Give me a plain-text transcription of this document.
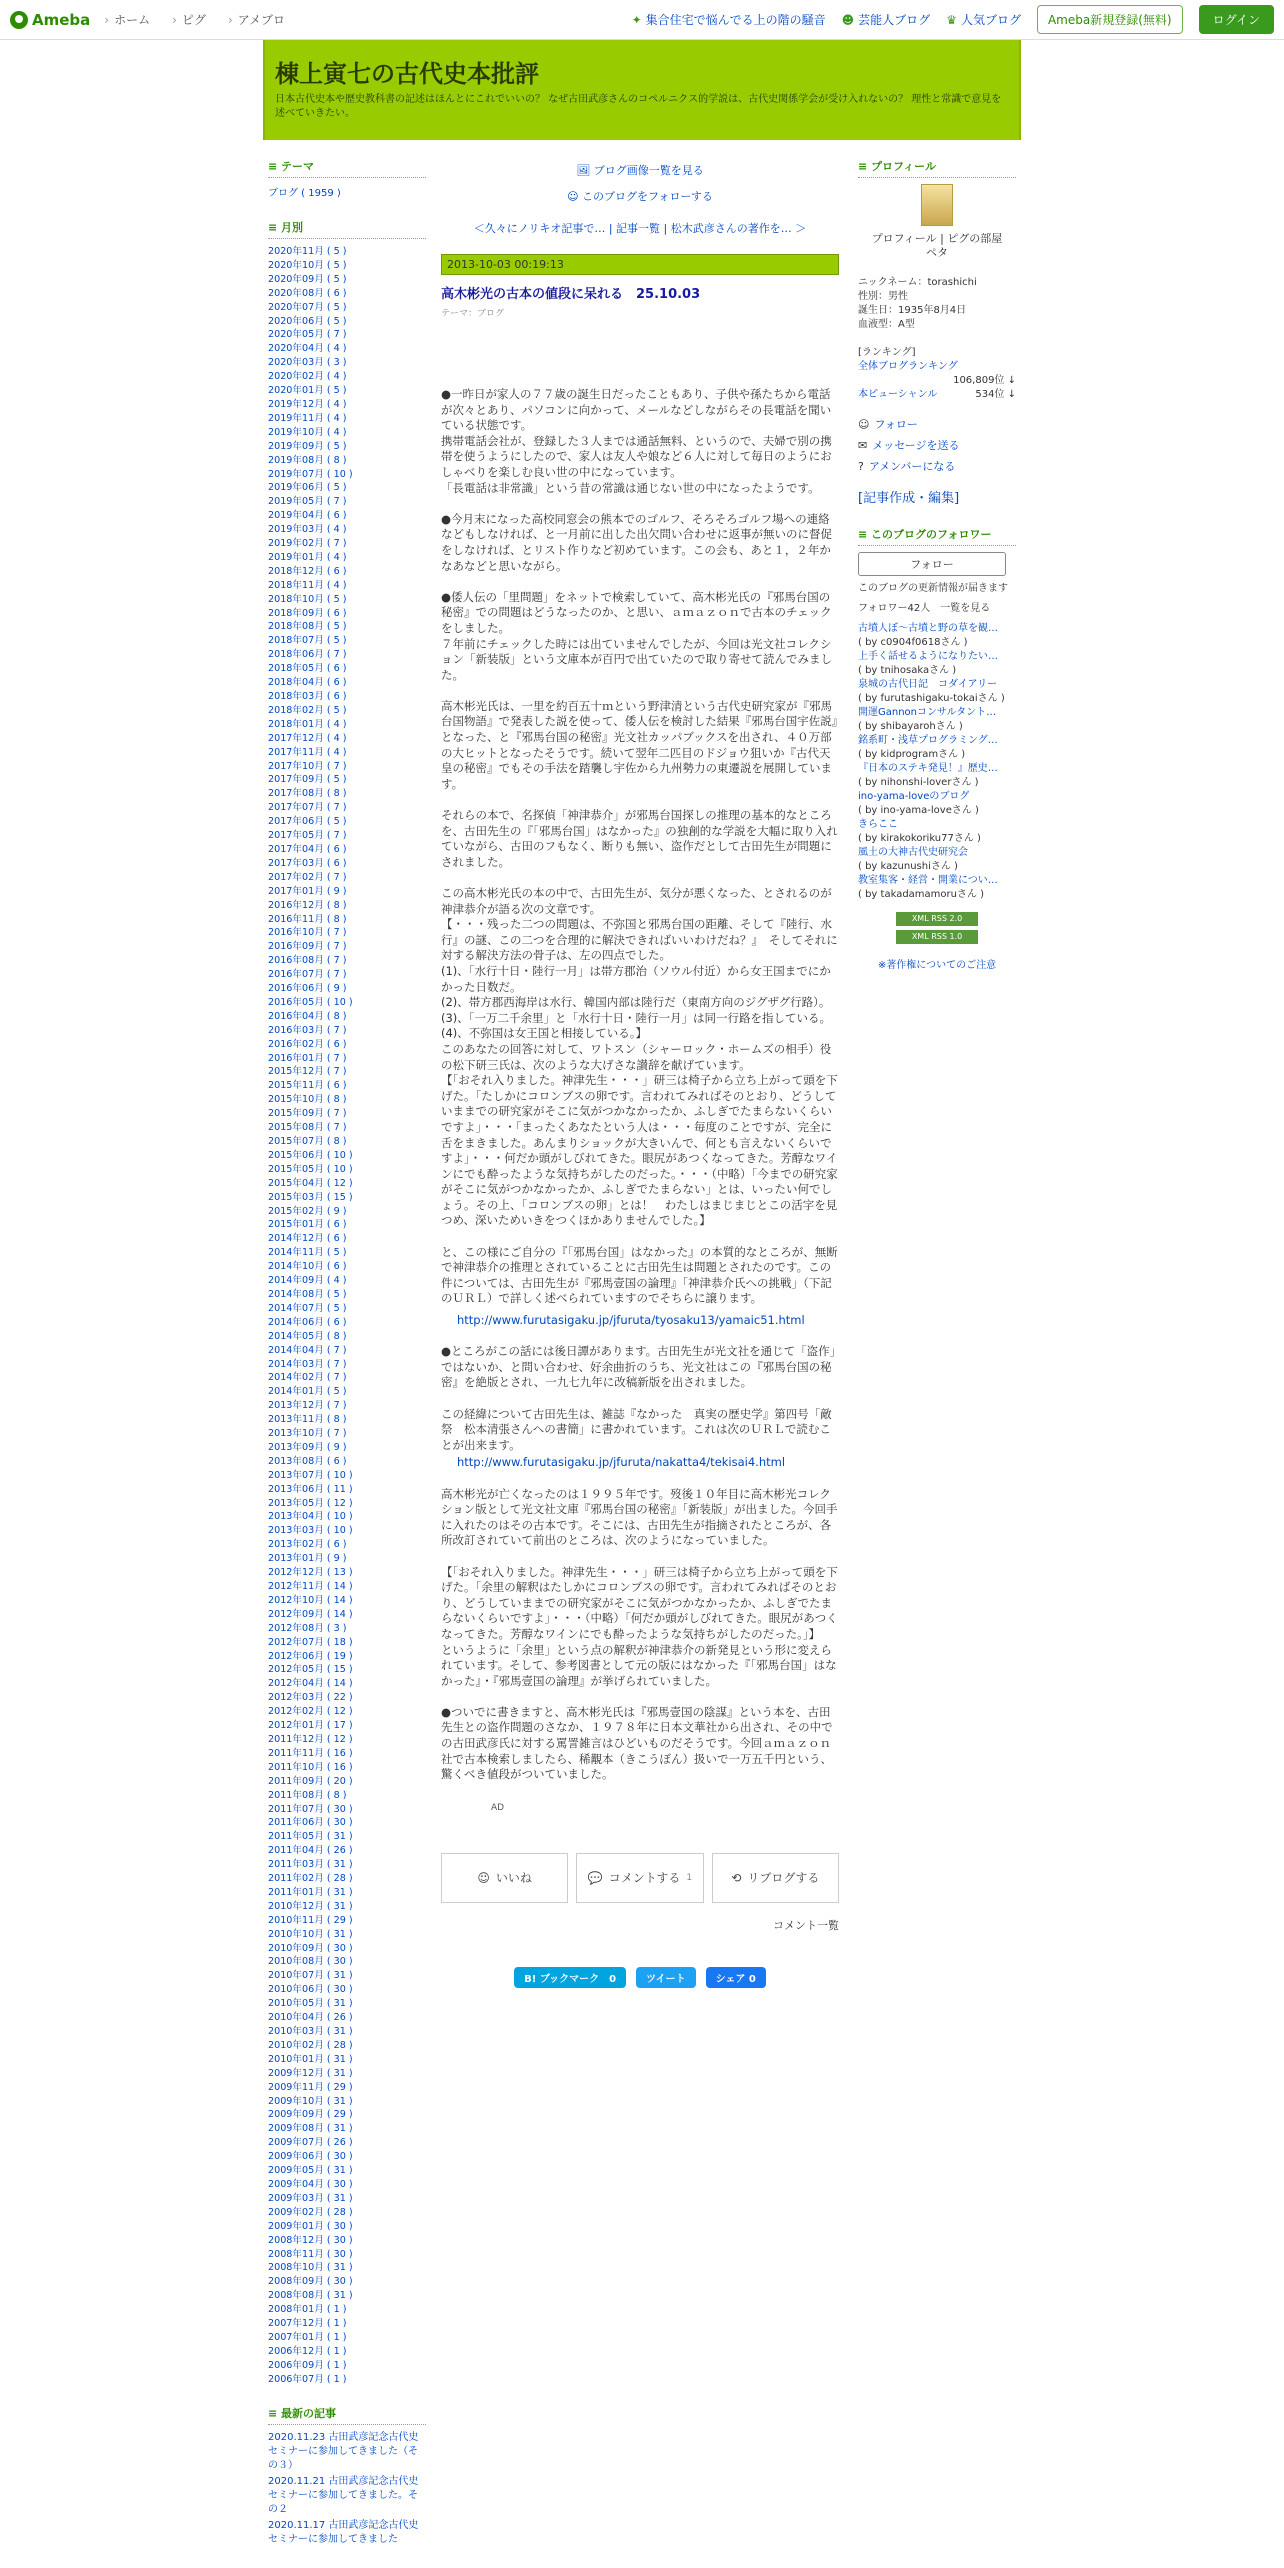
Ameba	› ホーム	› ピグ	› アメブロ	✦ 集合住宅で悩んでる上の階の騒音 ☻ 芸能人ブログ ♛ 人気ブログ	Ameba新規登録(無料)	ログイン
棟上寅七の古代史本批評
日本古代史本や歴史教科書の記述はほんとにこれでいいの？ なぜ古田武彦さんのコペルニクス的学説は、古代史関係学会が受け入れないの？ 理性と常識で意見を述べていきたい。
≡ テーマ
ブログ ( 1959 )
≡ 月別
2020年11月 ( 5 )
2020年10月 ( 5 )
2020年09月 ( 5 )
2020年08月 ( 6 )
2020年07月 ( 5 )
2020年06月 ( 5 )
2020年05月 ( 7 )
2020年04月 ( 4 )
2020年03月 ( 3 )
2020年02月 ( 4 )
2020年01月 ( 5 )
2019年12月 ( 4 )
2019年11月 ( 4 )
2019年10月 ( 4 )
2019年09月 ( 5 )
2019年08月 ( 8 )
2019年07月 ( 10 )
2019年06月 ( 5 )
2019年05月 ( 7 )
2019年04月 ( 6 )
2019年03月 ( 4 )
2019年02月 ( 7 )
2019年01月 ( 4 )
2018年12月 ( 6 )
2018年11月 ( 4 )
2018年10月 ( 5 )
2018年09月 ( 6 )
2018年08月 ( 5 )
2018年07月 ( 5 )
2018年06月 ( 7 )
2018年05月 ( 6 )
2018年04月 ( 6 )
2018年03月 ( 6 )
2018年02月 ( 5 )
2018年01月 ( 4 )
2017年12月 ( 4 )
2017年11月 ( 4 )
2017年10月 ( 7 )
2017年09月 ( 5 )
2017年08月 ( 8 )
2017年07月 ( 7 )
2017年06月 ( 5 )
2017年05月 ( 7 )
2017年04月 ( 6 )
2017年03月 ( 6 )
2017年02月 ( 7 )
2017年01月 ( 9 )
2016年12月 ( 8 )
2016年11月 ( 8 )
2016年10月 ( 7 )
2016年09月 ( 7 )
2016年08月 ( 7 )
2016年07月 ( 7 )
2016年06月 ( 9 )
2016年05月 ( 10 )
2016年04月 ( 8 )
2016年03月 ( 7 )
2016年02月 ( 6 )
2016年01月 ( 7 )
2015年12月 ( 7 )
2015年11月 ( 6 )
2015年10月 ( 8 )
2015年09月 ( 7 )
2015年08月 ( 7 )
2015年07月 ( 8 )
2015年06月 ( 10 )
2015年05月 ( 10 )
2015年04月 ( 12 )
2015年03月 ( 15 )
2015年02月 ( 9 )
2015年01月 ( 6 )
2014年12月 ( 6 )
2014年11月 ( 5 )
2014年10月 ( 6 )
2014年09月 ( 4 )
2014年08月 ( 5 )
2014年07月 ( 5 )
2014年06月 ( 6 )
2014年05月 ( 8 )
2014年04月 ( 7 )
2014年03月 ( 7 )
2014年02月 ( 7 )
2014年01月 ( 5 )
2013年12月 ( 7 )
2013年11月 ( 8 )
2013年10月 ( 7 )
2013年09月 ( 9 )
2013年08月 ( 6 )
2013年07月 ( 10 )
2013年06月 ( 11 )
2013年05月 ( 12 )
2013年04月 ( 10 )
2013年03月 ( 10 )
2013年02月 ( 6 )
2013年01月 ( 9 )
2012年12月 ( 13 )
2012年11月 ( 14 )
2012年10月 ( 14 )
2012年09月 ( 14 )
2012年08月 ( 3 )
2012年07月 ( 18 )
2012年06月 ( 19 )
2012年05月 ( 15 )
2012年04月 ( 14 )
2012年03月 ( 22 )
2012年02月 ( 12 )
2012年01月 ( 17 )
2011年12月 ( 12 )
2011年11月 ( 16 )
2011年10月 ( 16 )
2011年09月 ( 20 )
2011年08月 ( 8 )
2011年07月 ( 30 )
2011年06月 ( 30 )
2011年05月 ( 31 )
2011年04月 ( 26 )
2011年03月 ( 31 )
2011年02月 ( 28 )
2011年01月 ( 31 )
2010年12月 ( 31 )
2010年11月 ( 29 )
2010年10月 ( 31 )
2010年09月 ( 30 )
2010年08月 ( 30 )
2010年07月 ( 31 )
2010年06月 ( 30 )
2010年05月 ( 31 )
2010年04月 ( 26 )
2010年03月 ( 31 )
2010年02月 ( 28 )
2010年01月 ( 31 )
2009年12月 ( 31 )
2009年11月 ( 29 )
2009年10月 ( 31 )
2009年09月 ( 29 )
2009年08月 ( 31 )
2009年07月 ( 26 )
2009年06月 ( 30 )
2009年05月 ( 31 )
2009年04月 ( 30 )
2009年03月 ( 31 )
2009年02月 ( 28 )
2009年01月 ( 30 )
2008年12月 ( 30 )
2008年11月 ( 30 )
2008年10月 ( 31 )
2008年09月 ( 30 )
2008年08月 ( 31 )
2008年01月 ( 1 )
2007年12月 ( 1 )
2007年01月 ( 1 )
2006年12月 ( 1 )
2006年09月 ( 1 )
2006年07月 ( 1 )
≡ 最新の記事
2020.11.23 古田武彦記念古代史セミナーに参加してきました（その３）
2020.11.21 古田武彦記念古代史セミナーに参加してきました。その２
2020.11.17 古田武彦記念古代史セミナーに参加してきました
🖼 ブログ画像一覧を見る
☺ このブログをフォローする
＜久々にノリキオ記事で… | 記事一覧 | 松木武彦さんの著作を… ＞
2013-10-03 00:19:13
高木彬光の古本の値段に呆れる　25.10.03
テーマ：ブログ

●一昨日が家人の７７歳の誕生日だったこともあり、子供や孫たちから電話が次々とあり、パソコンに向かって、メールなどしながらその長電話を聞いている状態です。
携帯電話会社が、登録した３人までは通話無料、というので、夫婦で別の携帯を使うようにしたので、家人は友人や娘など６人に対して毎日のようにおしゃべりを楽しむ良い世の中になっています。
「長電話は非常識」という昔の常識は通じない世の中になったようです。

●今月末になった高校同窓会の熊本でのゴルフ、そろそろゴルフ場への連絡などもしなければ、と一月前に出した出欠問い合わせに返事が無いのに督促をしなければ、とリスト作りなど初めています。この会も、あと１，２年かなあなどと思いながら。

●倭人伝の「里問題」をネットで検索していて、高木彬光氏の『邪馬台国の秘密』での問題はどうなったのか、と思い、ａｍａｚｏｎで古本のチェックをしました。
７年前にチェックした時には出ていませんでしたが、今回は光文社コレクション「新装版」という文庫本が百円で出ていたので取り寄せて読んでみました。

高木彬光氏は、一里を約百五十ｍという野津清という古代史研究家が『邪馬台国物語』で発表した説を使って、倭人伝を検討した結果『邪馬台国宇佐説』となった、と『邪馬台国の秘密』光文社カッパブックスを出され、４０万部の大ヒットとなったそうです。続いて翌年二匹目のドジョウ狙いか『古代天皇の秘密』でもその手法を踏襲し宇佐から九州勢力の東遷説を展開しています。

それらの本で、名探偵「神津恭介」が邪馬台国探しの推理の基本的なところを、古田先生の『「邪馬台国」はなかった』の独創的な学説を大幅に取り入れていながら、古田のフもなく、断りも無い、盗作だとして古田先生が問題にされました。

この高木彬光氏の本の中で、古田先生が、気分が悪くなった、とされるのが神津恭介が語る次の文章です。
【・・・残った二つの問題は、不弥国と邪馬台国の距離、そして『陸行、水行』の謎、この二つを合理的に解決できればいいわけだね？』　そしてそれに対する解決方法の骨子は、左の四点でした。
(1)、「水行十日・陸行一月」は帯方郡治（ソウル付近）から女王国までにかかった日数だ。
(2)、帯方郡西海岸は水行、韓国内部は陸行だ（東南方向のジグザグ行路）。
(3)、「一万二千余里」と「水行十日・陸行一月」は同一行路を指している。
(4)、不弥国は女王国と相接している。】
このあなたの回答に対して、ワトスン（シャーロック・ホームズの相手）役の松下研三氏は、次のような大げさな讃辞を献げています。
【「おそれ入りました。神津先生・・・」研三は椅子から立ち上がって頭を下げた。「たしかにコロンブスの卵です。言われてみればそのとおり、どうしていままでの研究家がそこに気がつかなかったか、ふしぎでたまらないくらいですよ」・・・「まったくあなたという人は・・・毎度のことですが、完全に舌をまきました。あんまりショックが大きいんで、何とも言えないくらいですよ」・・・何だか頭がしびれてきた。眼尻があつくなってきた。芳醇なワインにでも酔ったような気持ちがしたのだった。・・・（中略）「今までの研究家がそこに気がつかなかったか、ふしぎでたまらない」とは、いったい何でしょう。その上、「コロンブスの卵」とは！　わたしはまじまじとこの活字を見つめ、深いためいきをつくほかありませんでした。】

と、この様にご自分の『「邪馬台国」はなかった』の本質的なところが、無断で神津恭介の推理とされていることに古田先生は問題とされたのです。この件については、古田先生が『邪馬壹国の論理』「神津恭介氏への挑戦」（下記のＵＲＬ）で詳しく述べられていますのでそちらに譲ります。

http://www.furutasigaku.jp/jfuruta/tyosaku13/yamaic51.html

●ところがこの話には後日譚があります。古田先生が光文社を通じて「盗作」ではないか、と問い合わせ、好余曲折のうち、光文社はこの『邪馬台国の秘密』を絶版とされ、一九七九年に改稿新版を出されました。

この経緯について古田先生は、雑誌『なかった　真実の歴史学』第四号「敵祭　松本清張さんへの書簡」に書かれています。これは次のＵＲＬで読むことが出来ます。

http://www.furutasigaku.jp/jfuruta/nakatta4/tekisai4.html

高木彬光が亡くなったのは１９９５年です。歿後１０年目に高木彬光コレクション版として光文社文庫『邪馬台国の秘密』「新装版」が出ました。今回手に入れたのはその古本です。そこには、古田先生が指摘されたところが、各所改訂されていて前出のところは、次のようになっていました。

【「おそれ入りました。神津先生・・・」研三は椅子から立ち上がって頭を下げた。「余里の解釈はたしかにコロンブスの卵です。言われてみればそのとおり、どうしていままでの研究家がそこに気がつかなかったか、ふしぎでたまらないくらいですよ」・・・（中略）「何だか頭がしびれてきた。眼尻があつくなってきた。芳醇なワインにでも酔ったような気持ちがしたのだった。」】
というように「余里」という点の解釈が神津恭介の新発見という形に変えられています。そして、参考図書として元の版にはなかった『「邪馬台国」はなかった』・『邪馬壹国の論理』が挙げられていました。

●ついでに書きますと、高木彬光氏は『邪馬壹国の陰謀』という本を、古田先生との盗作問題のさなか、１９７８年に日本文華社から出され、その中での古田武彦氏に対する罵詈雑言はひどいものだそうです。今回ａｍａｚｏｎ社で古本検索しましたら、稀覯本（きこうぼん）扱いで一万五千円という、驚くべき値段がついていました。

AD
☺ いいね	💬 コメントする 1	⟲ リブログする
コメント一覧
B! ブックマーク　0	ツイート	シェア 0
≡ プロフィール
プロフィール | ピグの部屋
ペタ
ニックネーム：torashichi
性別：男性
誕生日：1935年8月4日
血液型：A型
[ランキング]
全体ブログランキング
106,809位 ↓
本ピューシャンル	534位 ↓
☺ フォロー
✉ メッセージを送る
? アメンバーになる
[記事作成・編集]
≡ このブログのフォロワー
フォロー
このブログの更新情報が届きます
フォロワー42人　一覧を見る
古墳人ぼ～古墳と野の草を観…
( by c0904f0618さん )
上手く話せるようになりたい…
( by tnihosakaさん )
泉城の古代日記　コダイアリー
( by furutashigaku-tokaiさん )
開運Gannonコンサルタント…
( by shibayarohさん )
銘系町・浅草プログラミング…
( by kidprogramさん )
『日本のステキ発見！』歴史…
( by nihonshi-loverさん )
ino-yama-loveのブログ
( by ino-yama-loveさん )
きらここ
( by kirakokoriku77さん )
風土の大神古代史研究会
( by kazunushiさん )
教室集客・経営・開業につい…
( by takadamamoruさん )
XML RSS 2.0
XML RSS 1.0
※著作権についてのご注意
